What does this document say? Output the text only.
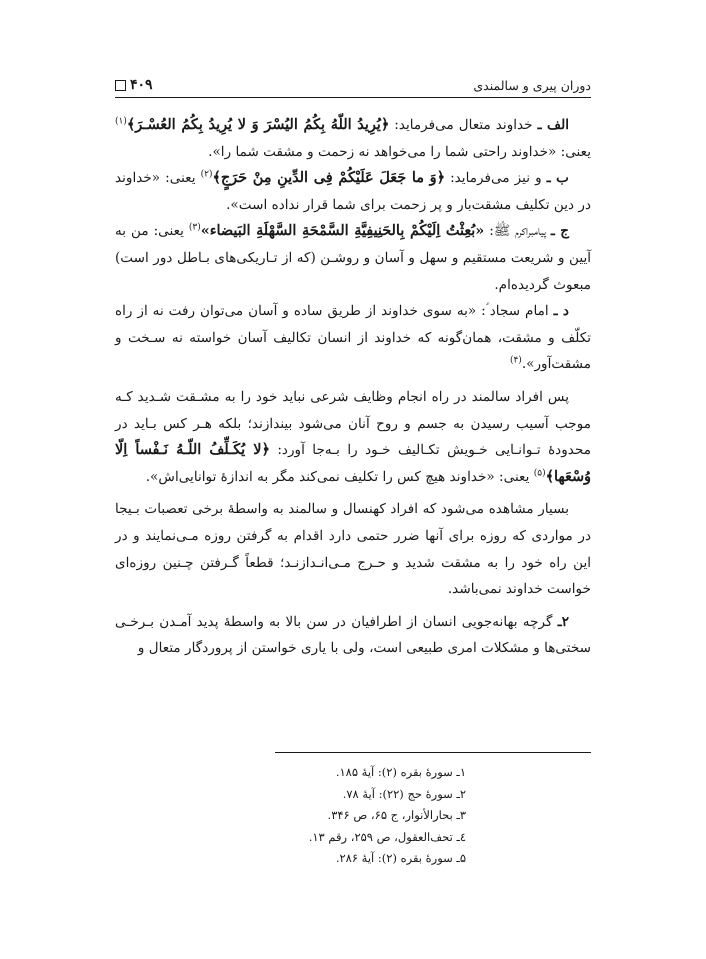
دوران پیری و سالمندی
۴۰۹

الف ـ خداوند متعال می‌فرماید: ﴿یُرِیدُ اللّهُ بِکُمُ الیُسْرَ وَ لا یُرِیدُ بِکُمُ العُسْـرَ﴾$^{(۱)}$ یعنی: «خداوند راحتی شما را می‌خواهد نه زحمت و مشقت شما را».

ب ـ و نیز می‌فرماید: ﴿وَ ما جَعَلَ عَلَیْکُمْ فِی الدِّینِ مِنْ حَرَجٍ﴾$^{(۲)}$ یعنی: «خداوند در دین تکلیف مشقت‌بار و پر زحمت برای شما قرار نداده است».

ج ـ پیامبراکرم ﷺ: «بُعِثْتُ اِلَیْکُمْ بِالحَنِیفِیَّةِ السَّمْحَةِ السَّهْلَةِ البَیضاء»$^{(۳)}$ یعنی: من به آیین و شریعت مستقیم و سهل و آسان و روشـن (که از تـاریکی‌های بـاطل دور است) مبعوث گردیده‌ام.

د ـ امام سجاد ؑ: «به سوی خداوند از طریق ساده و آسان می‌توان رفت نه از راه تکلّف و مشقت، همان‌گونه که خداوند از انسان تکالیف آسان خواسته نه سـخت و مشقت‌آور».$^{(۴)}$

پس افراد سالمند در راه انجام وظایف شرعی نباید خود را به مشـقت شـدید کـه موجب آسیب رسیدن به جسم و روح آنان می‌شود بیندازند؛ بلکه هـر کس بـاید در محدودهٔ تـوانـایی خـویش تکـالیف خـود را بـه‌جا آورد: ﴿لا یُکَـلِّفُ اللّـهُ نَـفْساً اِلّا وُسْعَها﴾$^{(۵)}$ یعنی: «خداوند هیچ کس را تکلیف نمی‌کند مگر به اندازهٔ توانایی‌اش».

بسیار مشاهده می‌شود که افراد کهنسال و سالمند به واسطهٔ برخی تعصبات بـیجا در مواردی که روزه برای آنها ضرر حتمی دارد اقدام به گرفتن روزه مـی‌نمایند و در این راه خود را به مشقت شدید و حـرج مـی‌انـدازنـد؛ قطعاً گـرفتن چـنین روزه‌ای خواست خداوند نمی‌باشد.

۲ـ گرچه بهانه‌جویی انسان از اطرافیان در سن بالا به واسطهٔ پدید آمـدن بـرخـی سختی‌ها و مشکلات امری طبیعی است، ولی با یاری خواستن از پروردگار متعال و

۱ـ سورهٔ بقره (۲): آیهٔ ۱۸۵.

۲ـ سورهٔ حج (۲۲): آیهٔ ۷۸.

۳ـ بحارالأنوار، ج ۶۵، ص ۳۴۶.

٤ـ تحف‌العقول، ص ۲۵۹، رقم ۱۳.

۵ـ سورهٔ بقره (۲): آیهٔ ۲۸۶.
